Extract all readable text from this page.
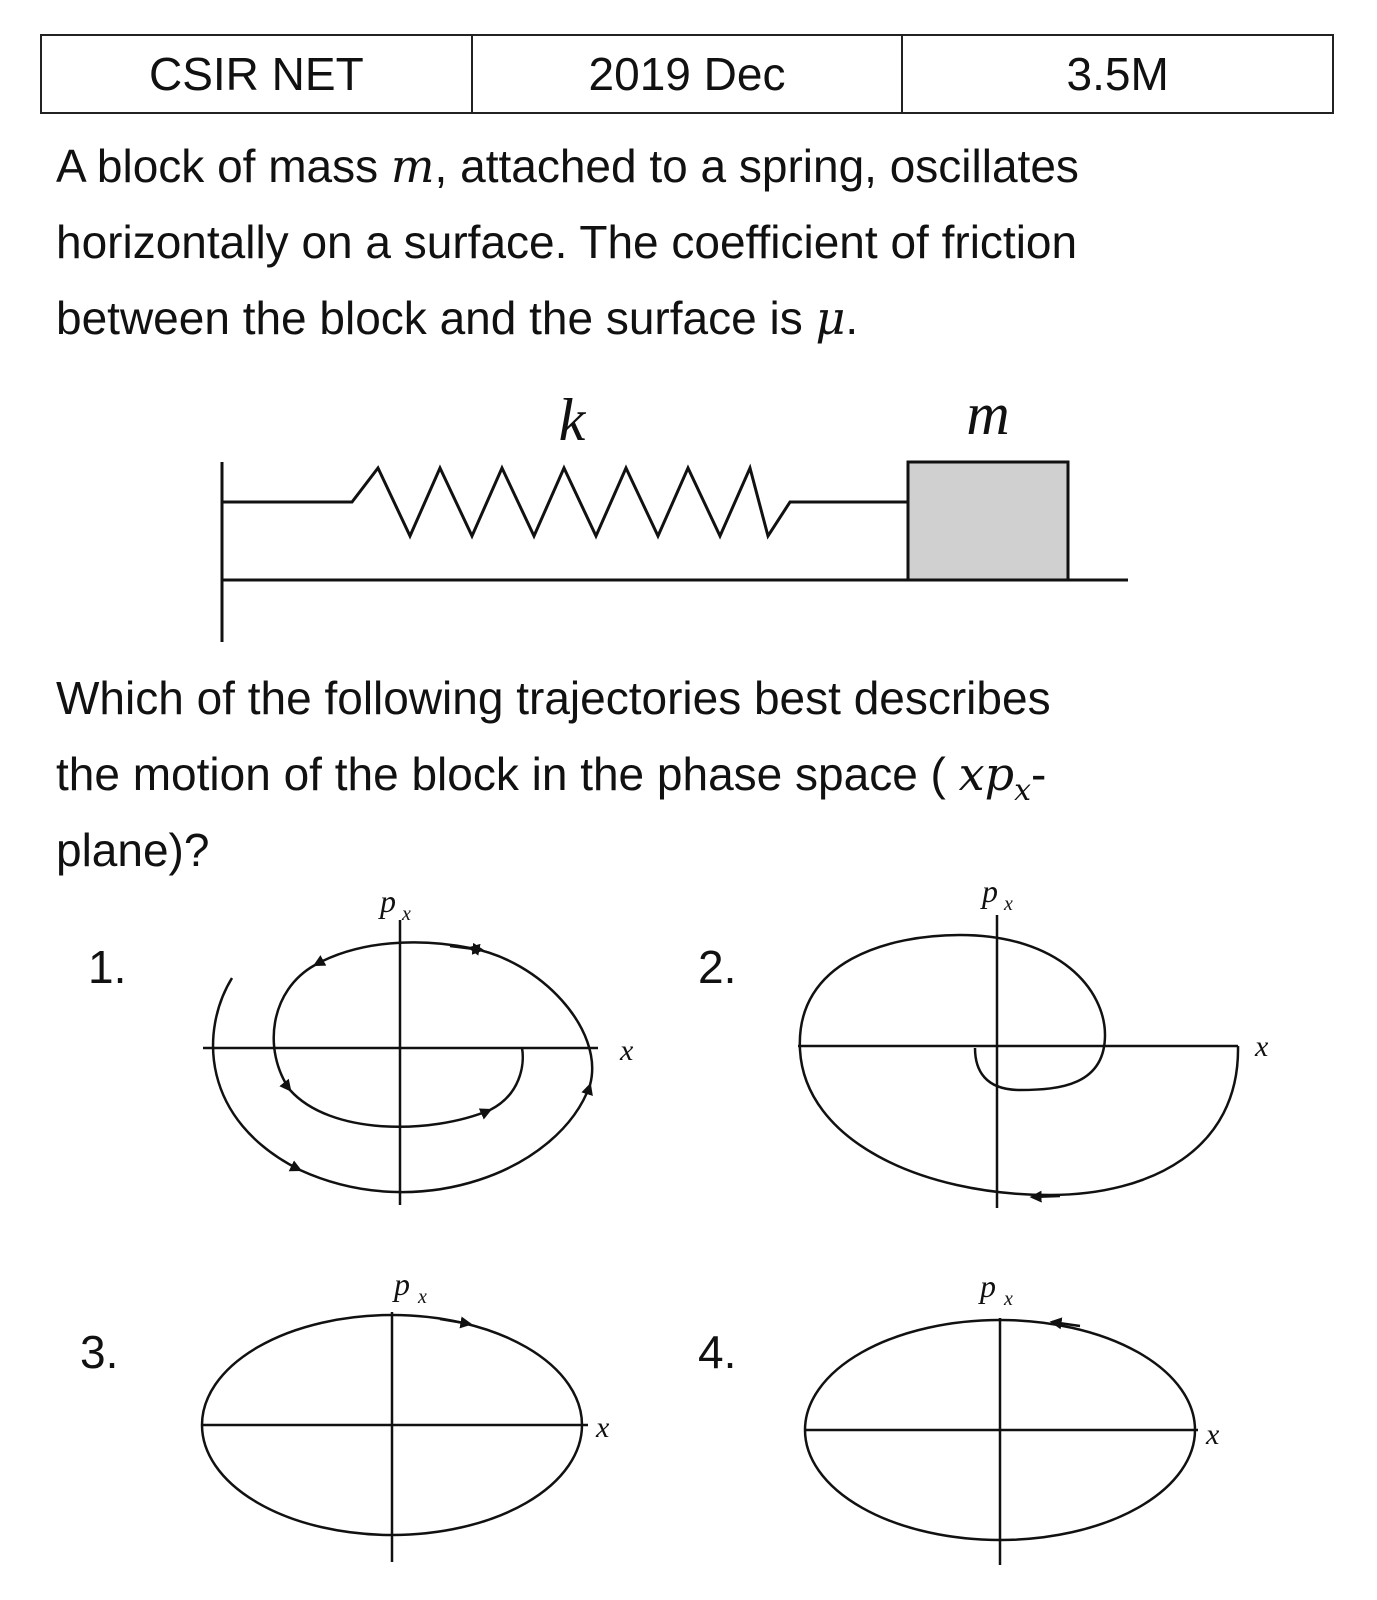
CSIR NET	2019 Dec	3.5M

A block of mass m, attached to a spring, oscillates

horizontally on a surface. The coefficient of friction

between the block and the surface is μ.

Which of the following trajectories best describes

the motion of the block in the phase space ( $xp_x-$

plane)?

1.	2.
3.	4.
k	m
x
p x
x
p x
x
p x
x
p x
